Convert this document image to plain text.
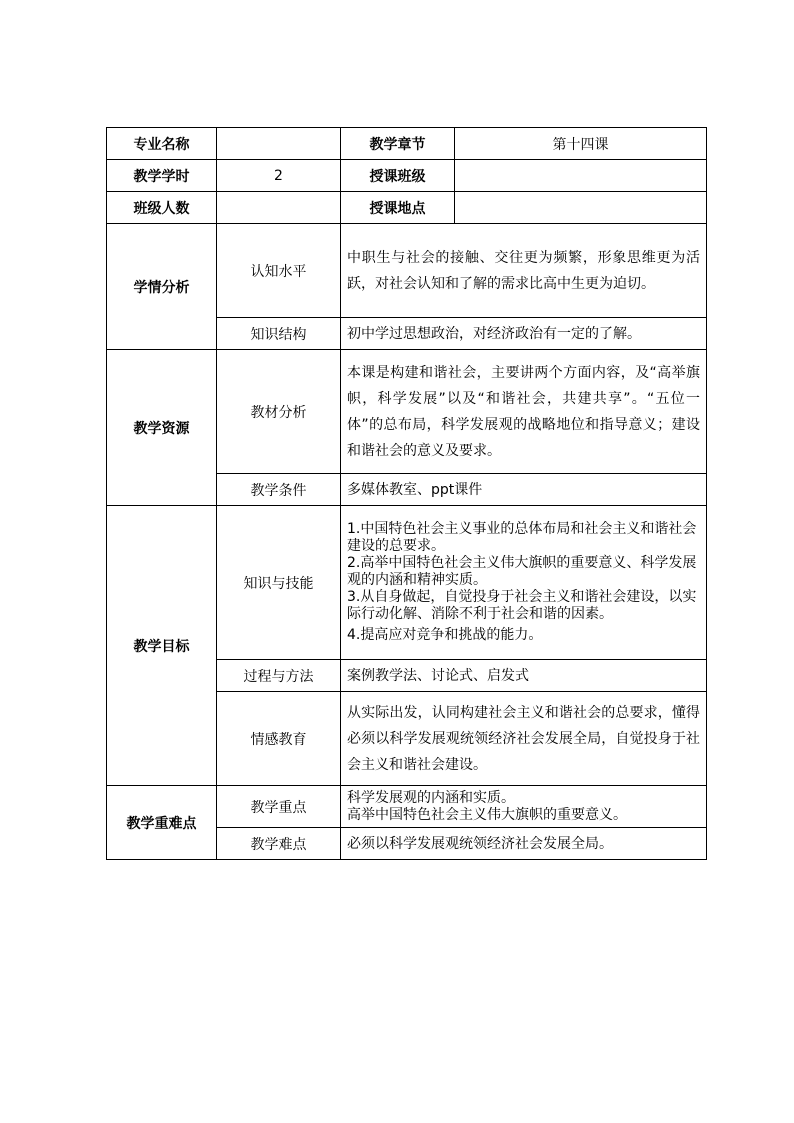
专业名称		教学章节	第十四课
教学学时	2	授课班级	
班级人数		授课地点	
学情分析	认知水平	中职生与社会的接触、交往更为频繁，形象思维更为活跃，对社会认知和了解的需求比高中生更为迫切。	
	知识结构	初中学过思想政治，对经济政治有一定的了解。	
教学资源	教材分析	本课是构建和谐社会，主要讲两个方面内容，及“高举旗帜，科学发展”以及“和谐社会，共建共享”。“五位一体”的总布局，科学发展观的战略地位和指导意义；建设和谐社会的意义及要求。	
	教学条件	多媒体教室、ppt课件	
教学目标	知识与技能	1.中国特色社会主义事业的总体布局和社会主义和谐社会建设的总要求。

2.高举中国特色社会主义伟大旗帜的重要意义、科学发展观的内涵和精神实质。

3.从自身做起，自觉投身于社会主义和谐社会建设，以实际行动化解、消除不利于社会和谐的因素。

4.提高应对竞争和挑战的能力。	

	过程与方法	案例教学法、讨论式、启发式	
	情感教育	从实际出发，认同构建社会主义和谐社会的总要求，懂得必须以科学发展观统领经济社会发展全局，自觉投身于社会主义和谐社会建设。	
教学重难点	教学重点	科学发展观的内涵和实质。

高举中国特色社会主义伟大旗帜的重要意义。	

	教学难点	必须以科学发展观统领经济社会发展全局。	
